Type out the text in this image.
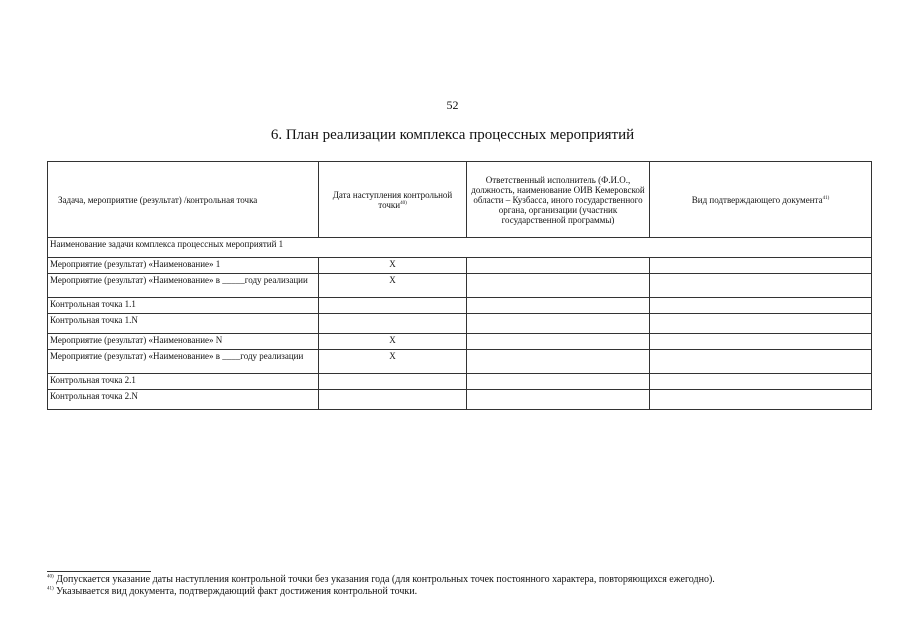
52
6. План реализации комплекса процессных мероприятий
Задача, мероприятие (результат) /контрольная точка	Дата наступления контрольной точки$^{40)}$	Ответственный исполнитель (Ф.И.О., должность, наименование ОИВ Кемеровской области – Кузбасса, иного государственного органа, организации (участник государственной программы)	Вид подтверждающего документа$^{41)}$
Наименование задачи комплекса процессных мероприятий 1			
Мероприятие (результат) «Наименование» 1	X		
Мероприятие (результат) «Наименование» в _____году реализации	X		
Контрольная точка 1.1			
Контрольная точка 1.N			
Мероприятие (результат) «Наименование» N	X		
Мероприятие (результат) «Наименование» в ____году реализации	X		
Контрольная точка 2.1			
Контрольная точка 2.N			
$^{40)}$ Допускается указание даты наступления контрольной точки без указания года (для контрольных точек постоянного характера, повторяющихся ежегодно).
$^{41)}$ Указывается вид документа, подтверждающий факт достижения контрольной точки.
